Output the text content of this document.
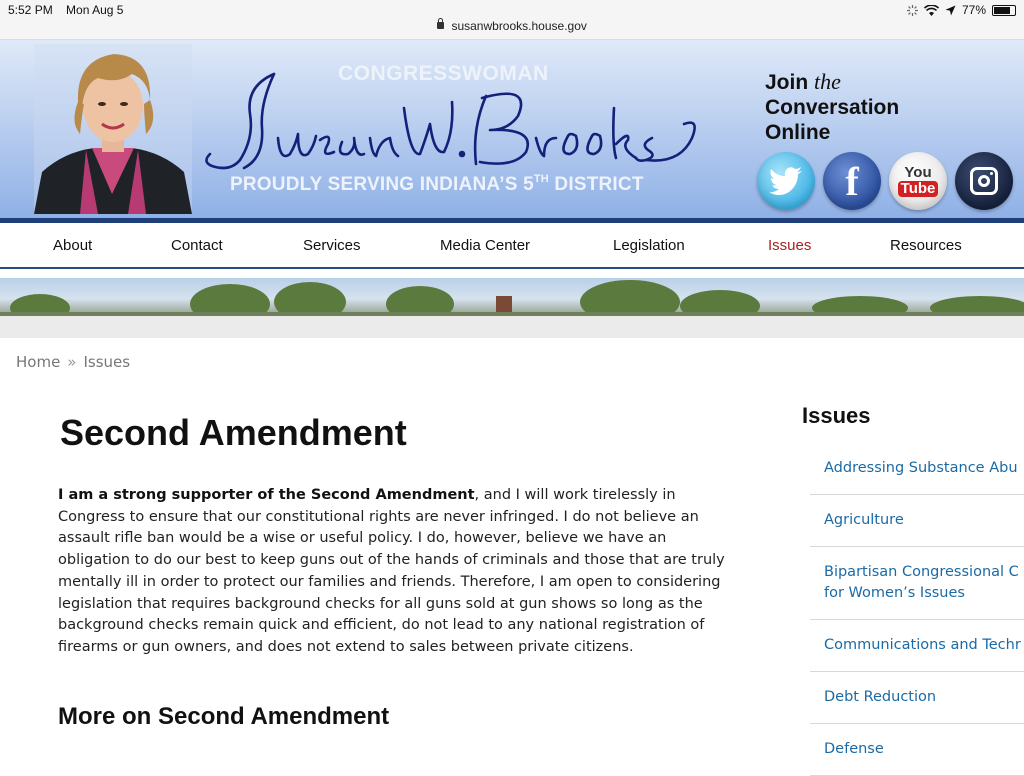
5:52 PM Mon Aug 5	77%
susanwbrooks.house.gov
CONGRESSWOMAN
PROUDLY SERVING INDIANA’S 5TH DISTRICT
Join the
Conversation
Online
f	You
Tube
About	Contact	Services	Media Center	Legislation	Issues	Resources
Home » Issues
Second Amendment

I am a strong supporter of the Second Amendment, and I will work tirelessly in Congress to ensure that our constitutional rights are never infringed. I do not believe an assault rifle ban would be a wise or useful policy. I do, however, believe we have an obligation to do our best to keep guns out of the hands of criminals and those that are truly mentally ill in order to protect our families and friends. Therefore, I am open to considering legislation that requires background checks for all guns sold at gun shows so long as the background checks remain quick and efficient, do not lead to any national registration of firearms or gun owners, and does not extend to sales between private citizens.

More on Second Amendment
Issues
Addressing Substance Abu
Agriculture
Bipartisan Congressional C
for Women’s Issues
Communications and Techr
Debt Reduction
Defense
